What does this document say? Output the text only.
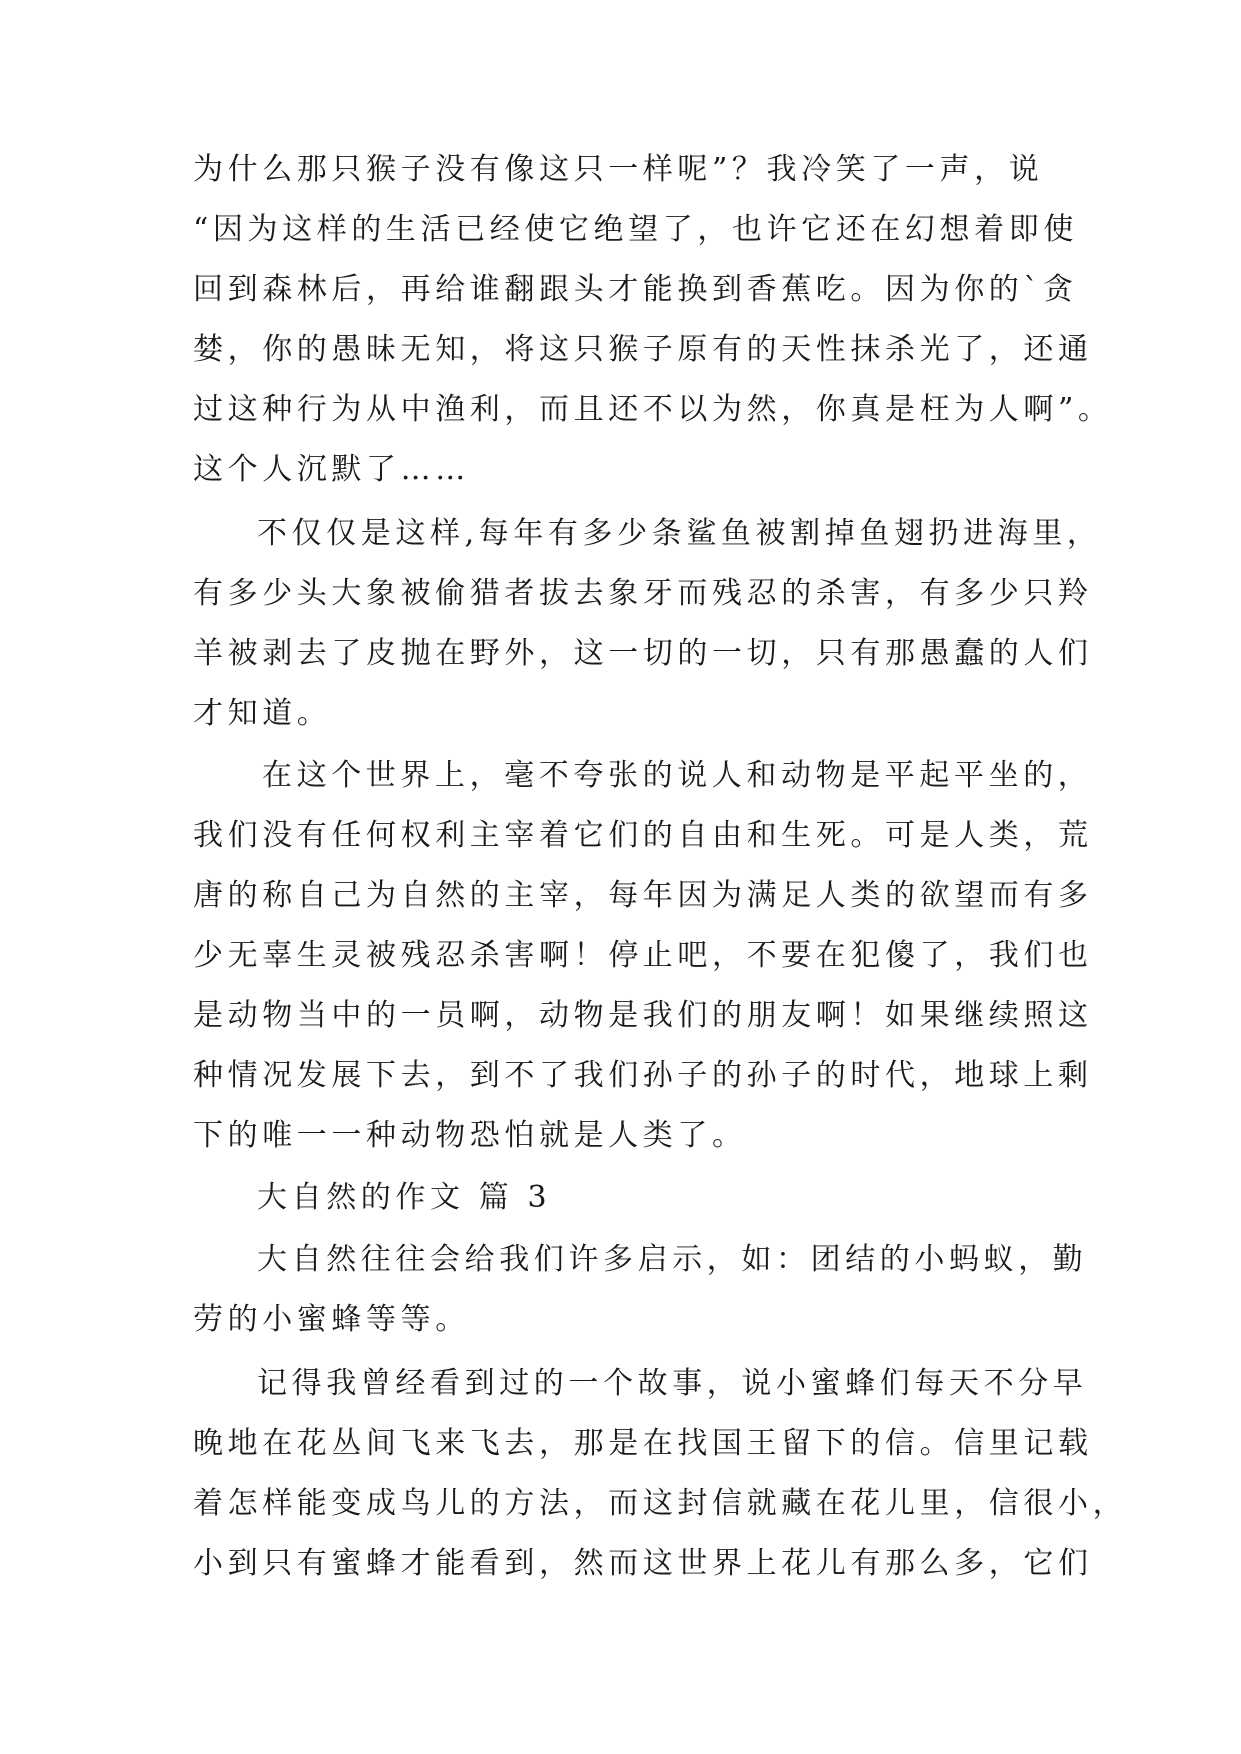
为什么那只猴子没有像这只一样呢”？我冷笑了一声，说
“因为这样的生活已经使它绝望了，也许它还在幻想着即使
回到森林后，再给谁翻跟头才能换到香蕉吃。因为你的`贪
婪，你的愚昧无知，将这只猴子原有的天性抹杀光了，还通
过这种行为从中渔利，而且还不以为然，你真是枉为人啊”。
这个人沉默了……
不仅仅是这样,每年有多少条鲨鱼被割掉鱼翅扔进海里，
有多少头大象被偷猎者拔去象牙而残忍的杀害，有多少只羚
羊被剥去了皮抛在野外，这一切的一切，只有那愚蠢的人们
才知道。
在这个世界上，毫不夸张的说人和动物是平起平坐的，
我们没有任何权利主宰着它们的自由和生死。可是人类，荒
唐的称自己为自然的主宰，每年因为满足人类的欲望而有多
少无辜生灵被残忍杀害啊！停止吧，不要在犯傻了，我们也
是动物当中的一员啊，动物是我们的朋友啊！如果继续照这
种情况发展下去，到不了我们孙子的孙子的时代，地球上剩
下的唯一一种动物恐怕就是人类了。
大自然的作文 篇 3
大自然往往会给我们许多启示，如：团结的小蚂蚁，勤
劳的小蜜蜂等等。
记得我曾经看到过的一个故事，说小蜜蜂们每天不分早
晚地在花丛间飞来飞去，那是在找国王留下的信。信里记载
着怎样能变成鸟儿的方法，而这封信就藏在花儿里，信很小，
小到只有蜜蜂才能看到，然而这世界上花儿有那么多，它们
